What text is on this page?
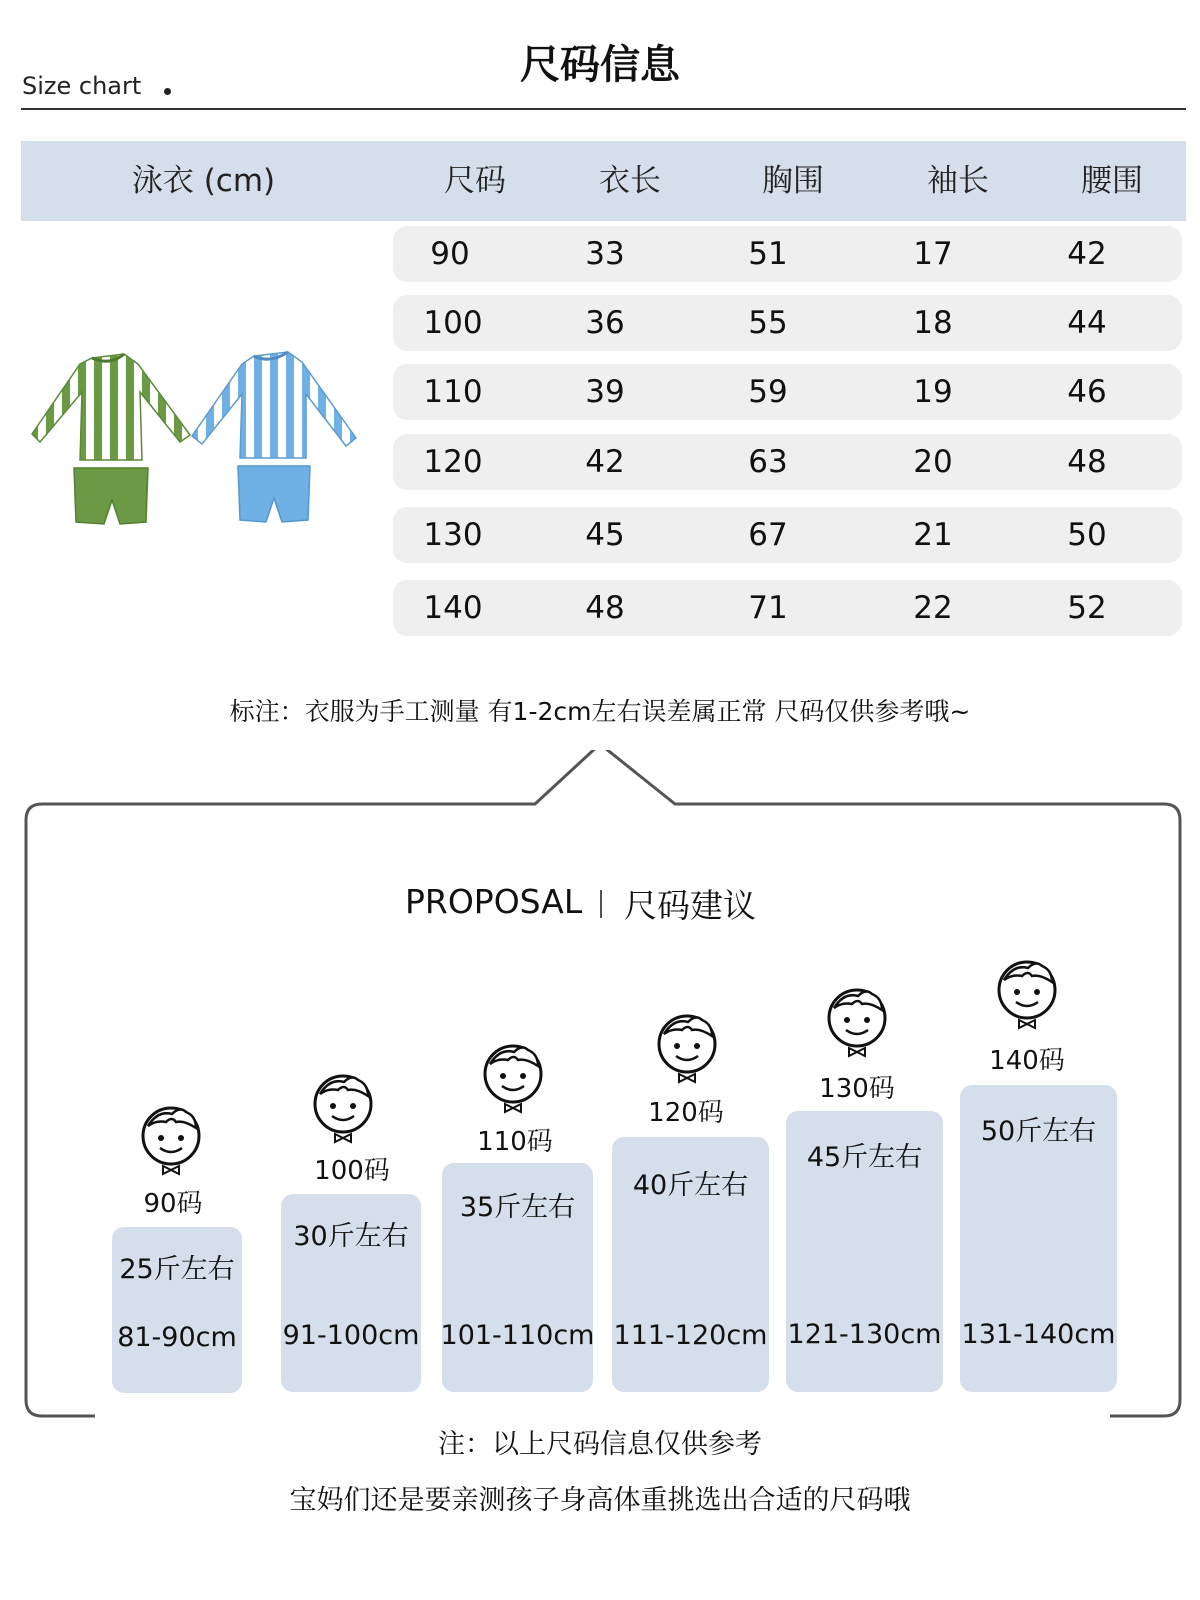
Size chart	尺码信息
泳衣 (cm)	尺码	衣长	胸围	袖长	腰围
90	33	51	17	42
100	36	55	18	44
110	39	59	19	46
120	42	63	20	48
130	45	67	21	50
140	48	71	22	52
标注：衣服为手工测量 有1-2cm左右误差属正常 尺码仅供参考哦~
PROPOSAL 尺码建议
90码
25斤左右
81-90cm
100码
30斤左右
91-100cm
110码
35斤左右
101-110cm
120码
40斤左右
111-120cm
130码
45斤左右
121-130cm
140码
50斤左右
131-140cm
注：以上尺码信息仅供参考
宝妈们还是要亲测孩子身高体重挑选出合适的尺码哦
